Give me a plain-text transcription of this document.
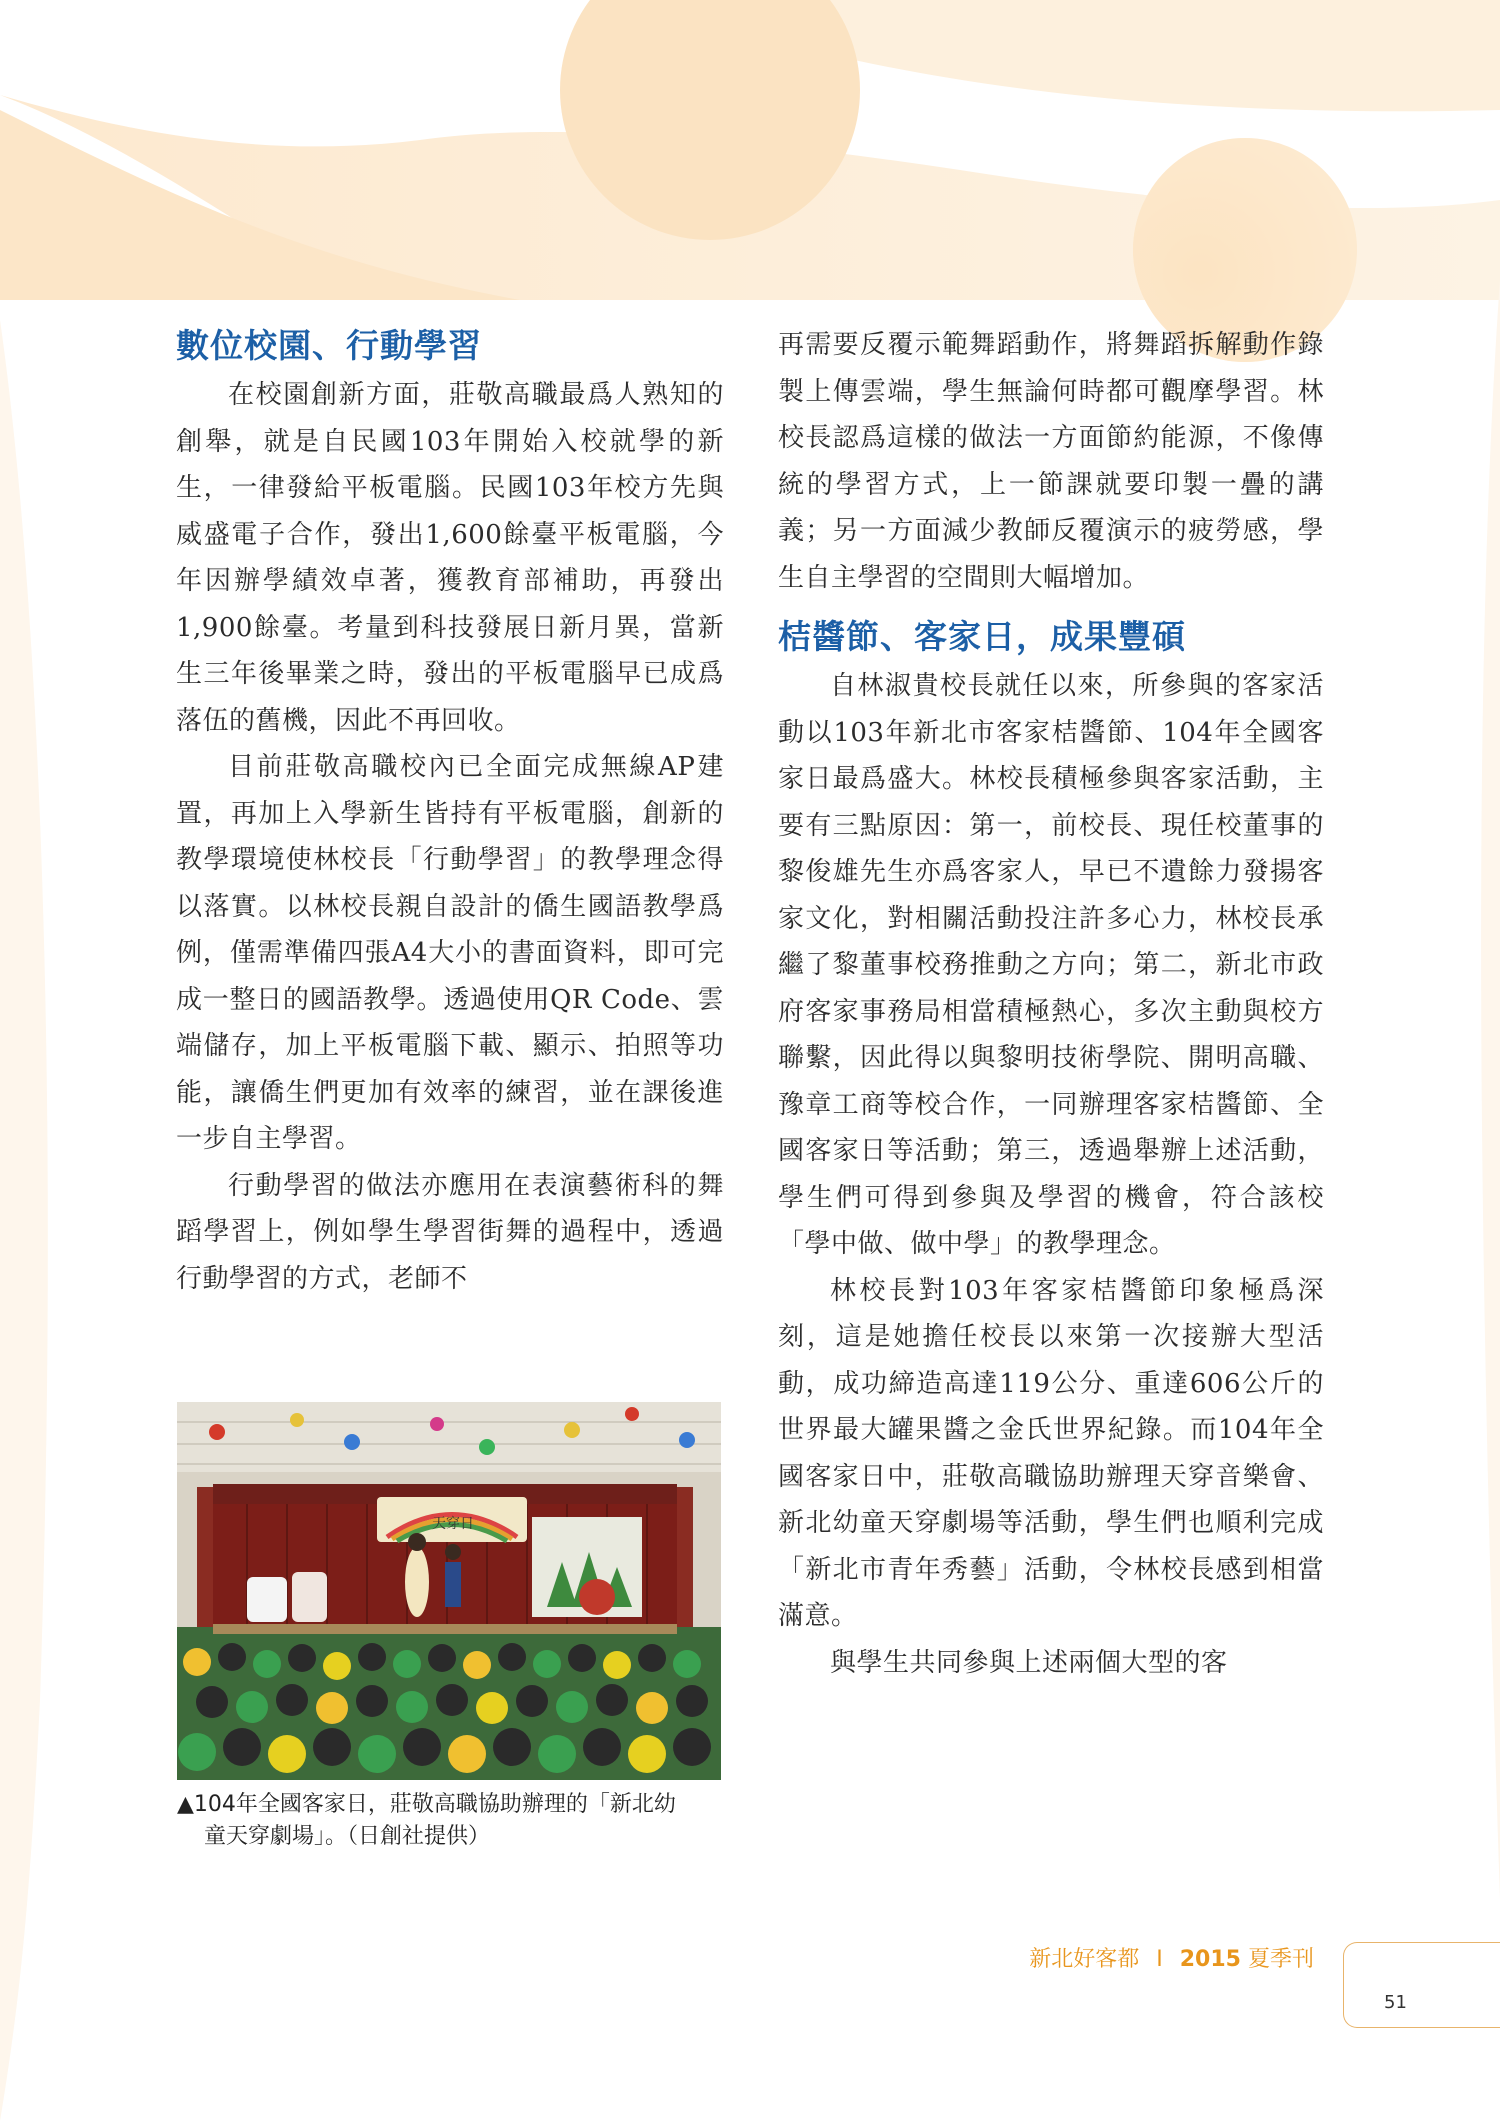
數位校園、行動學習

在校園創新方面，莊敬高職最爲人熟知的創舉，就是自民國103年開始入校就學的新生，一律發給平板電腦。民國103年校方先與威盛電子合作，發出1,600餘臺平板電腦，今年因辦學績效卓著，獲教育部補助，再發出1,900餘臺。考量到科技發展日新月異，當新生三年後畢業之時，發出的平板電腦早已成爲落伍的舊機，因此不再回收。

目前莊敬高職校內已全面完成無線AP建置，再加上入學新生皆持有平板電腦，創新的教學環境使林校長「行動學習」的教學理念得以落實。以林校長親自設計的僑生國語教學爲例，僅需準備四張A4大小的書面資料，即可完成一整日的國語教學。透過使用QR Code、雲端儲存，加上平板電腦下載、顯示、拍照等功能，讓僑生們更加有效率的練習，並在課後進一步自主學習。

行動學習的做法亦應用在表演藝術科的舞蹈學習上，例如學生學習街舞的過程中，透過行動學習的方式，老師不

天穿日
▲104年全國客家日，莊敬高職協助辦理的「新北幼
童天穿劇場」。（日創社提供）

再需要反覆示範舞蹈動作，將舞蹈拆解動作錄製上傳雲端，學生無論何時都可觀摩學習。林校長認爲這樣的做法一方面節約能源，不像傳統的學習方式，上一節課就要印製一疊的講義；另一方面減少教師反覆演示的疲勞感，學生自主學習的空間則大幅增加。

桔醬節、客家日，成果豐碩

自林淑貴校長就任以來，所參與的客家活動以103年新北市客家桔醬節、104年全國客家日最爲盛大。林校長積極參與客家活動，主要有三點原因：第一，前校長、現任校董事的黎俊雄先生亦爲客家人，早已不遺餘力發揚客家文化，對相關活動投注許多心力，林校長承繼了黎董事校務推動之方向；第二，新北市政府客家事務局相當積極熱心，多次主動與校方聯繫，因此得以與黎明技術學院、開明高職、豫章工商等校合作，一同辦理客家桔醬節、全國客家日等活動；第三，透過舉辦上述活動，學生們可得到參與及學習的機會，符合該校「學中做、做中學」的教學理念。

林校長對103年客家桔醬節印象極爲深刻，這是她擔任校長以來第一次接辦大型活動，成功締造高達119公分、重達606公斤的世界最大罐果醬之金氏世界紀錄。而104年全國客家日中，莊敬高職協助辦理天穿音樂會、新北幼童天穿劇場等活動，學生們也順利完成「新北市青年秀藝」活動，令林校長感到相當滿意。

與學生共同參與上述兩個大型的客

新北好客都 I 2015 夏季刊
51
